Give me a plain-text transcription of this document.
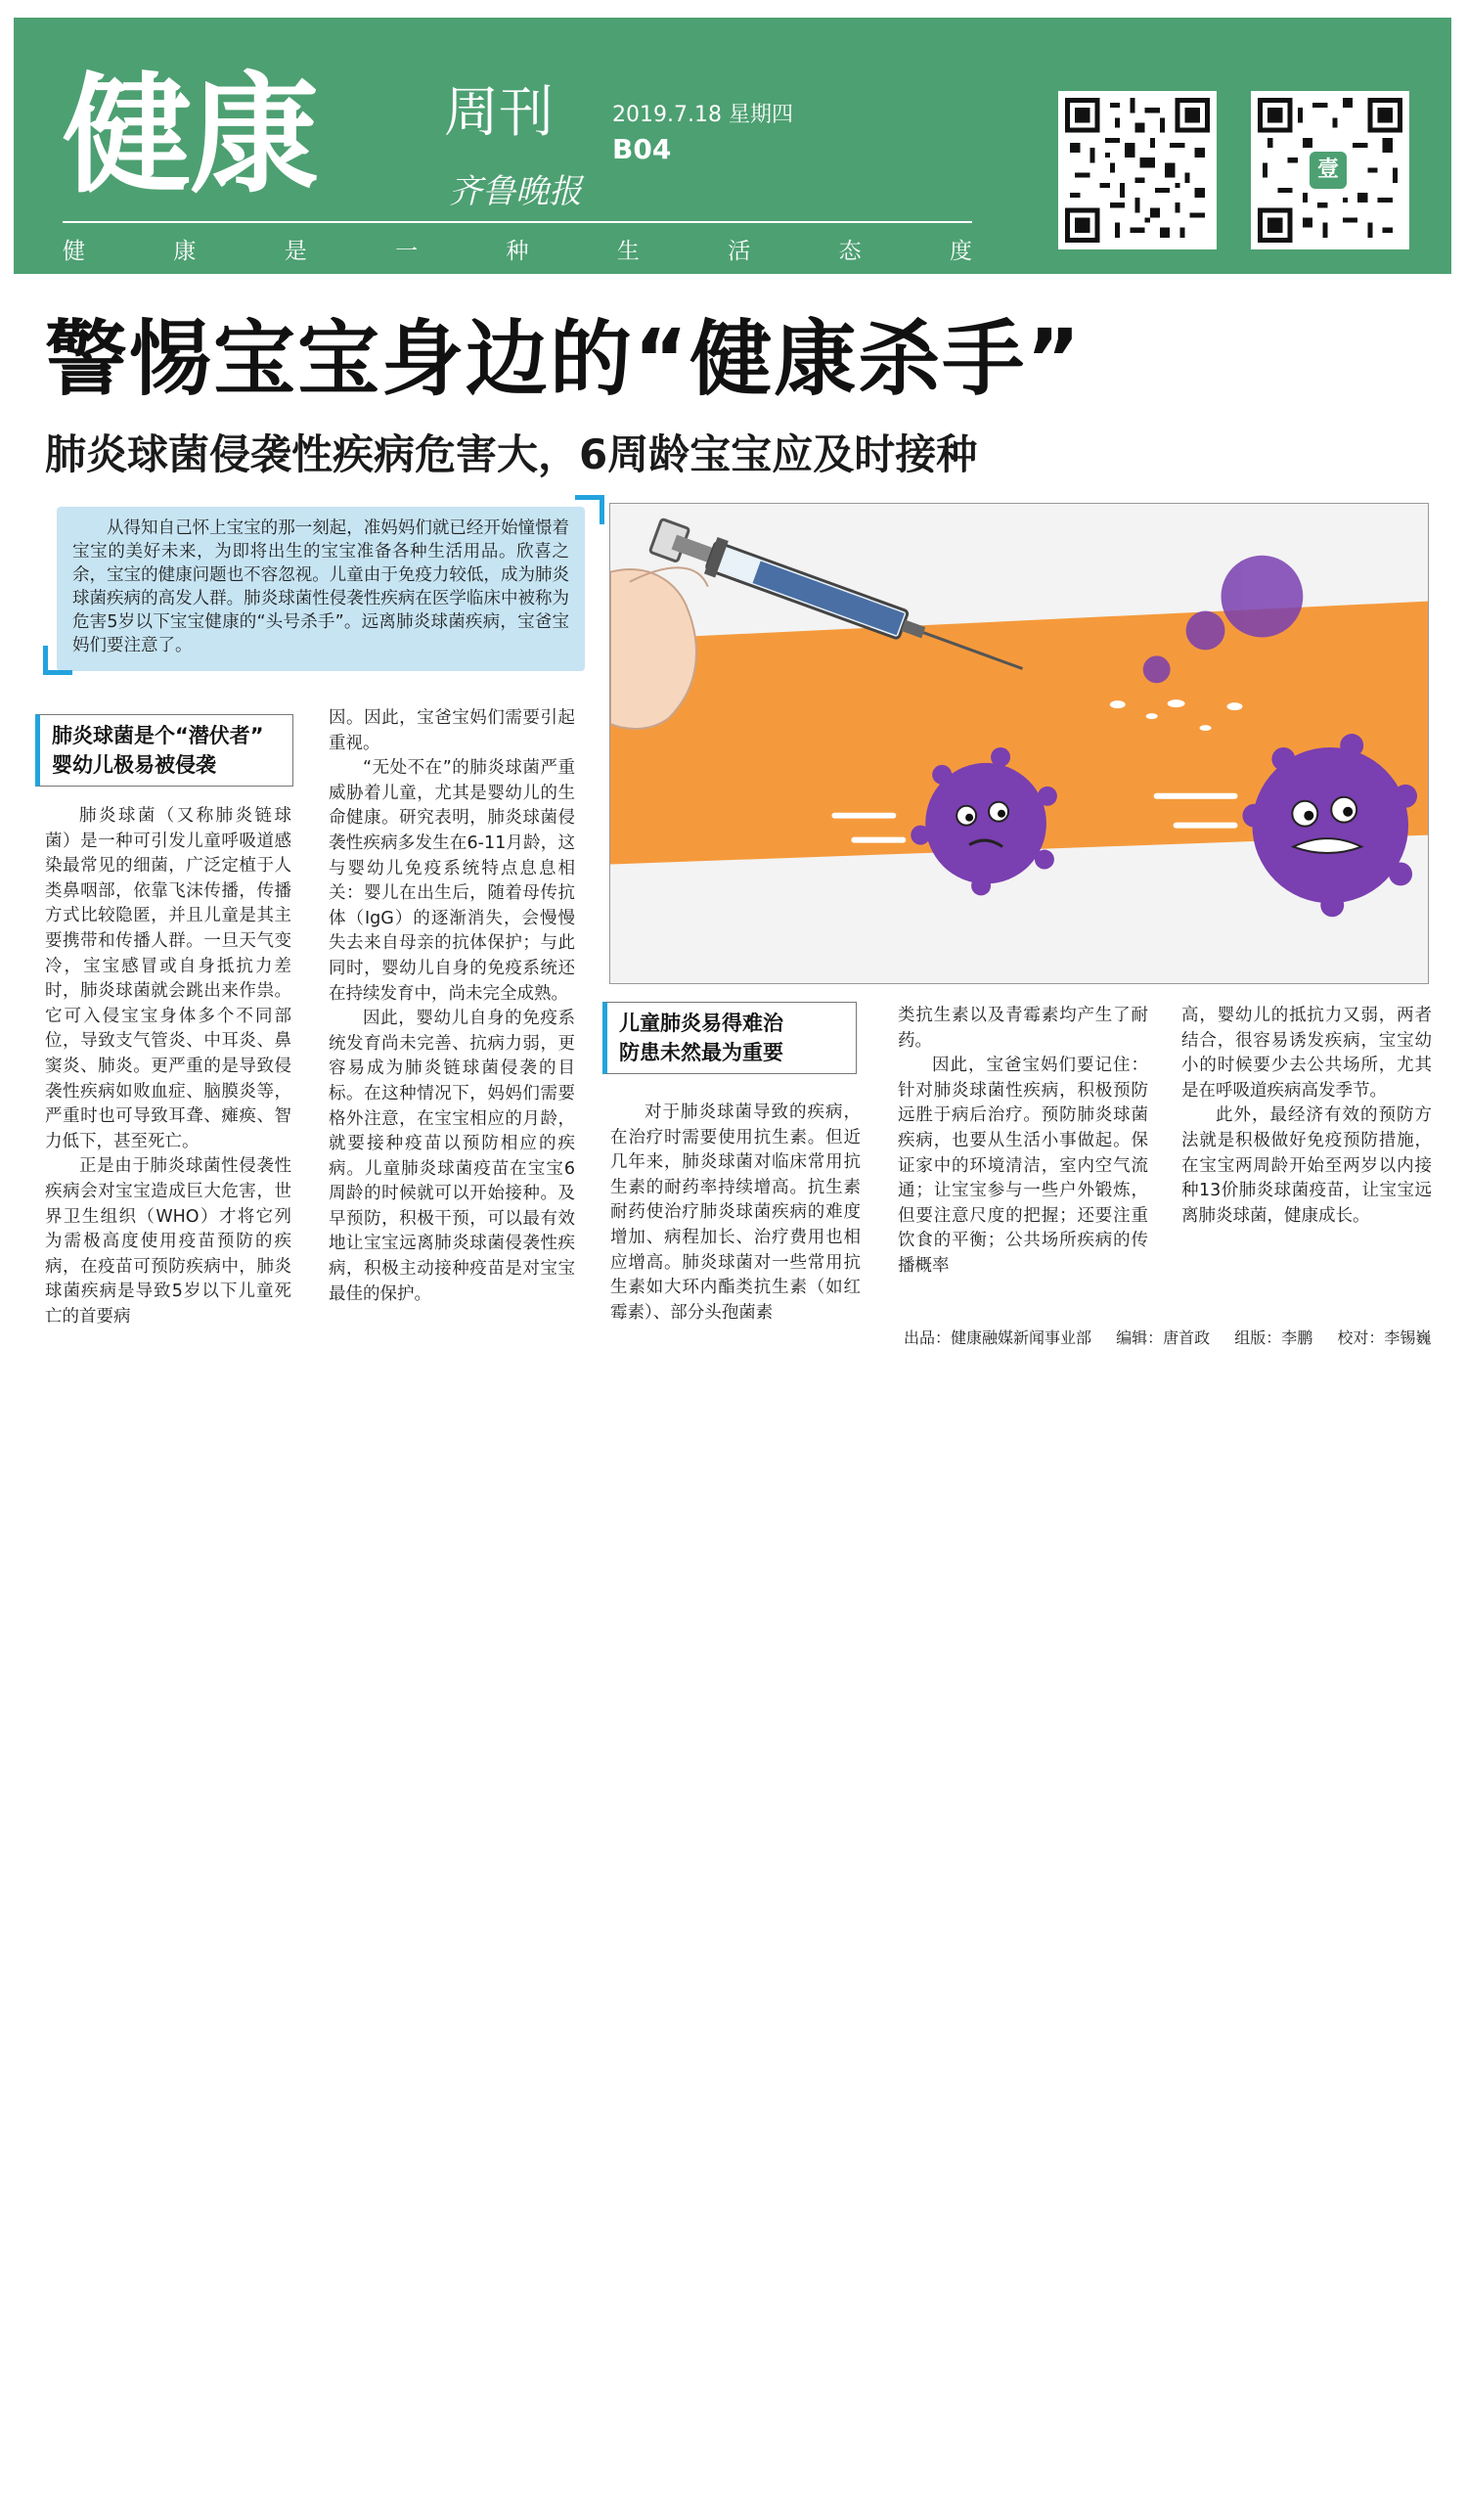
健康 周刊	2019.7.18 星期四
B04
齐鲁晚报
健	康	是	一	种	生	活	态	度
壹
警惕宝宝身边的“健康杀手”
肺炎球菌侵袭性疾病危害大，6周龄宝宝应及时接种

从得知自己怀上宝宝的那一刻起，准妈妈们就已经开始憧憬着宝宝的美好未来，为即将出生的宝宝准备各种生活用品。欣喜之余，宝宝的健康问题也不容忽视。儿童由于免疫力较低，成为肺炎球菌疾病的高发人群。肺炎球菌性侵袭性疾病在医学临床中被称为危害5岁以下宝宝健康的“头号杀手”。远离肺炎球菌疾病，宝爸宝妈们要注意了。

肺炎球菌是个“潜伏者”
婴幼儿极易被侵袭
儿童肺炎易得难治
防患未然最为重要

肺炎球菌（又称肺炎链球菌）是一种可引发儿童呼吸道感染最常见的细菌，广泛定植于人类鼻咽部，依靠飞沫传播，传播方式比较隐匿，并且儿童是其主要携带和传播人群。一旦天气变冷，宝宝感冒或自身抵抗力差时，肺炎球菌就会跳出来作祟。它可入侵宝宝身体多个不同部位，导致支气管炎、中耳炎、鼻窦炎、肺炎。更严重的是导致侵袭性疾病如败血症、脑膜炎等，严重时也可导致耳聋、瘫痪、智力低下，甚至死亡。

正是由于肺炎球菌性侵袭性疾病会对宝宝造成巨大危害，世界卫生组织（WHO）才将它列为需极高度使用疫苗预防的疾病，在疫苗可预防疾病中，肺炎球菌疾病是导致5岁以下儿童死亡的首要病

因。因此，宝爸宝妈们需要引起重视。

“无处不在”的肺炎球菌严重威胁着儿童，尤其是婴幼儿的生命健康。研究表明，肺炎球菌侵袭性疾病多发生在6-11月龄，这与婴幼儿免疫系统特点息息相关：婴儿在出生后，随着母传抗体（IgG）的逐渐消失，会慢慢失去来自母亲的抗体保护；与此同时，婴幼儿自身的免疫系统还在持续发育中，尚未完全成熟。

因此，婴幼儿自身的免疫系统发育尚未完善、抗病力弱，更容易成为肺炎链球菌侵袭的目标。在这种情况下，妈妈们需要格外注意，在宝宝相应的月龄，就要接种疫苗以预防相应的疾病。儿童肺炎球菌疫苗在宝宝6周龄的时候就可以开始接种。及早预防，积极干预，可以最有效地让宝宝远离肺炎球菌侵袭性疾病，积极主动接种疫苗是对宝宝最佳的保护。

对于肺炎球菌导致的疾病，在治疗时需要使用抗生素。但近几年来，肺炎球菌对临床常用抗生素的耐药率持续增高。抗生素耐药使治疗肺炎球菌疾病的难度增加、病程加长、治疗费用也相应增高。肺炎球菌对一些常用抗生素如大环内酯类抗生素（如红霉素）、部分头孢菌素

类抗生素以及青霉素均产生了耐药。

因此，宝爸宝妈们要记住：针对肺炎球菌性疾病，积极预防远胜于病后治疗。预防肺炎球菌疾病，也要从生活小事做起。保证家中的环境清洁，室内空气流通；让宝宝参与一些户外锻炼，但要注意尺度的把握；还要注重饮食的平衡；公共场所疾病的传播概率

高，婴幼儿的抵抗力又弱，两者结合，很容易诱发疾病，宝宝幼小的时候要少去公共场所，尤其是在呼吸道疾病高发季节。

此外，最经济有效的预防方法就是积极做好免疫预防措施，在宝宝两周龄开始至两岁以内接种13价肺炎球菌疫苗，让宝宝远离肺炎球菌，健康成长。

出品：健康融媒新闻事业部 编辑：唐首政 组版：李鹏 校对：李锡巍
